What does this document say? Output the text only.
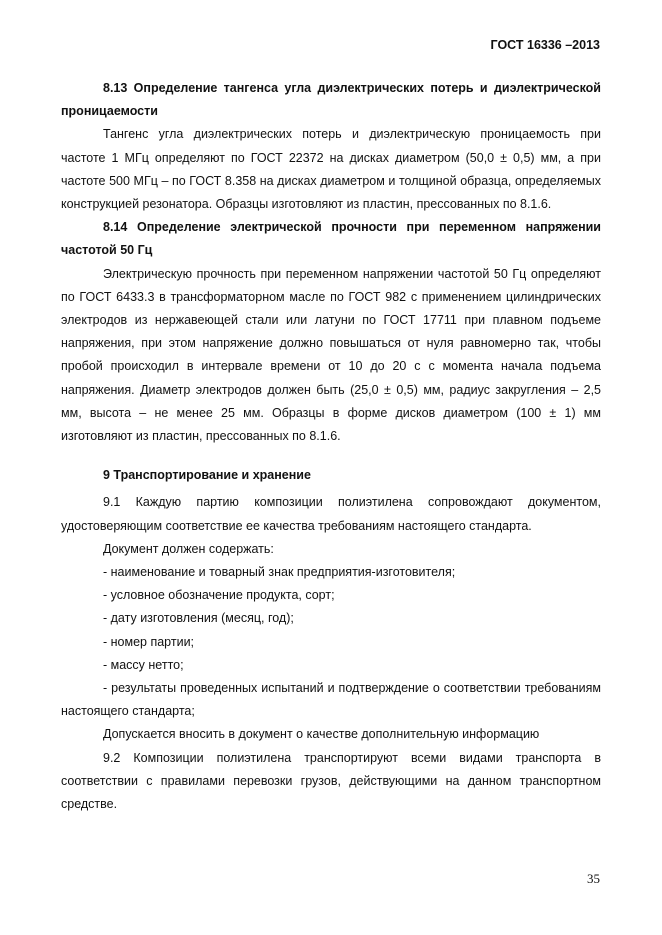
ГОСТ 16336 –2013

8.13 Определение тангенса угла диэлектрических потерь и диэлектрической проницаемости

Тангенс угла диэлектрических потерь и диэлектрическую проницаемость при частоте 1 МГц определяют по ГОСТ 22372 на дисках диаметром (50,0 ± 0,5) мм, а при частоте 500 МГц – по ГОСТ 8.358 на дисках диаметром и толщиной образца, определяемых конструкцией резонатора. Образцы изготовляют из пластин, прессованных по 8.1.6.

8.14 Определение электрической прочности при переменном напряжении частотой 50 Гц

Электрическую прочность при переменном напряжении частотой 50 Гц определяют по ГОСТ 6433.3 в трансформаторном масле по ГОСТ 982 с применением цилиндрических электродов из нержавеющей стали или латуни по ГОСТ 17711 при плавном подъеме напряжения, при этом напряжение должно повышаться от нуля равномерно так, чтобы пробой происходил в интервале времени от 10 до 20 с с момента начала подъема напряжения. Диаметр электродов должен быть (25,0 ± 0,5) мм, радиус закругления – 2,5 мм, высота – не менее 25 мм. Образцы в форме дисков диаметром (100 ± 1) мм изготовляют из пластин, прессованных по 8.1.6.

9 Транспортирование и хранение

9.1 Каждую партию композиции полиэтилена сопровождают документом, удостоверяющим соответствие ее качества требованиям настоящего стандарта.

Документ должен содержать:

- наименование и товарный знак предприятия-изготовителя;

- условное обозначение продукта, сорт;

- дату изготовления (месяц, год);

- номер партии;

- массу нетто;

- результаты проведенных испытаний и подтверждение о соответствии требованиям настоящего стандарта;

Допускается вносить в документ о качестве дополнительную информацию

9.2 Композиции полиэтилена транспортируют всеми видами транспорта в соответствии с правилами перевозки грузов, действующими на данном транспортном средстве.

35
